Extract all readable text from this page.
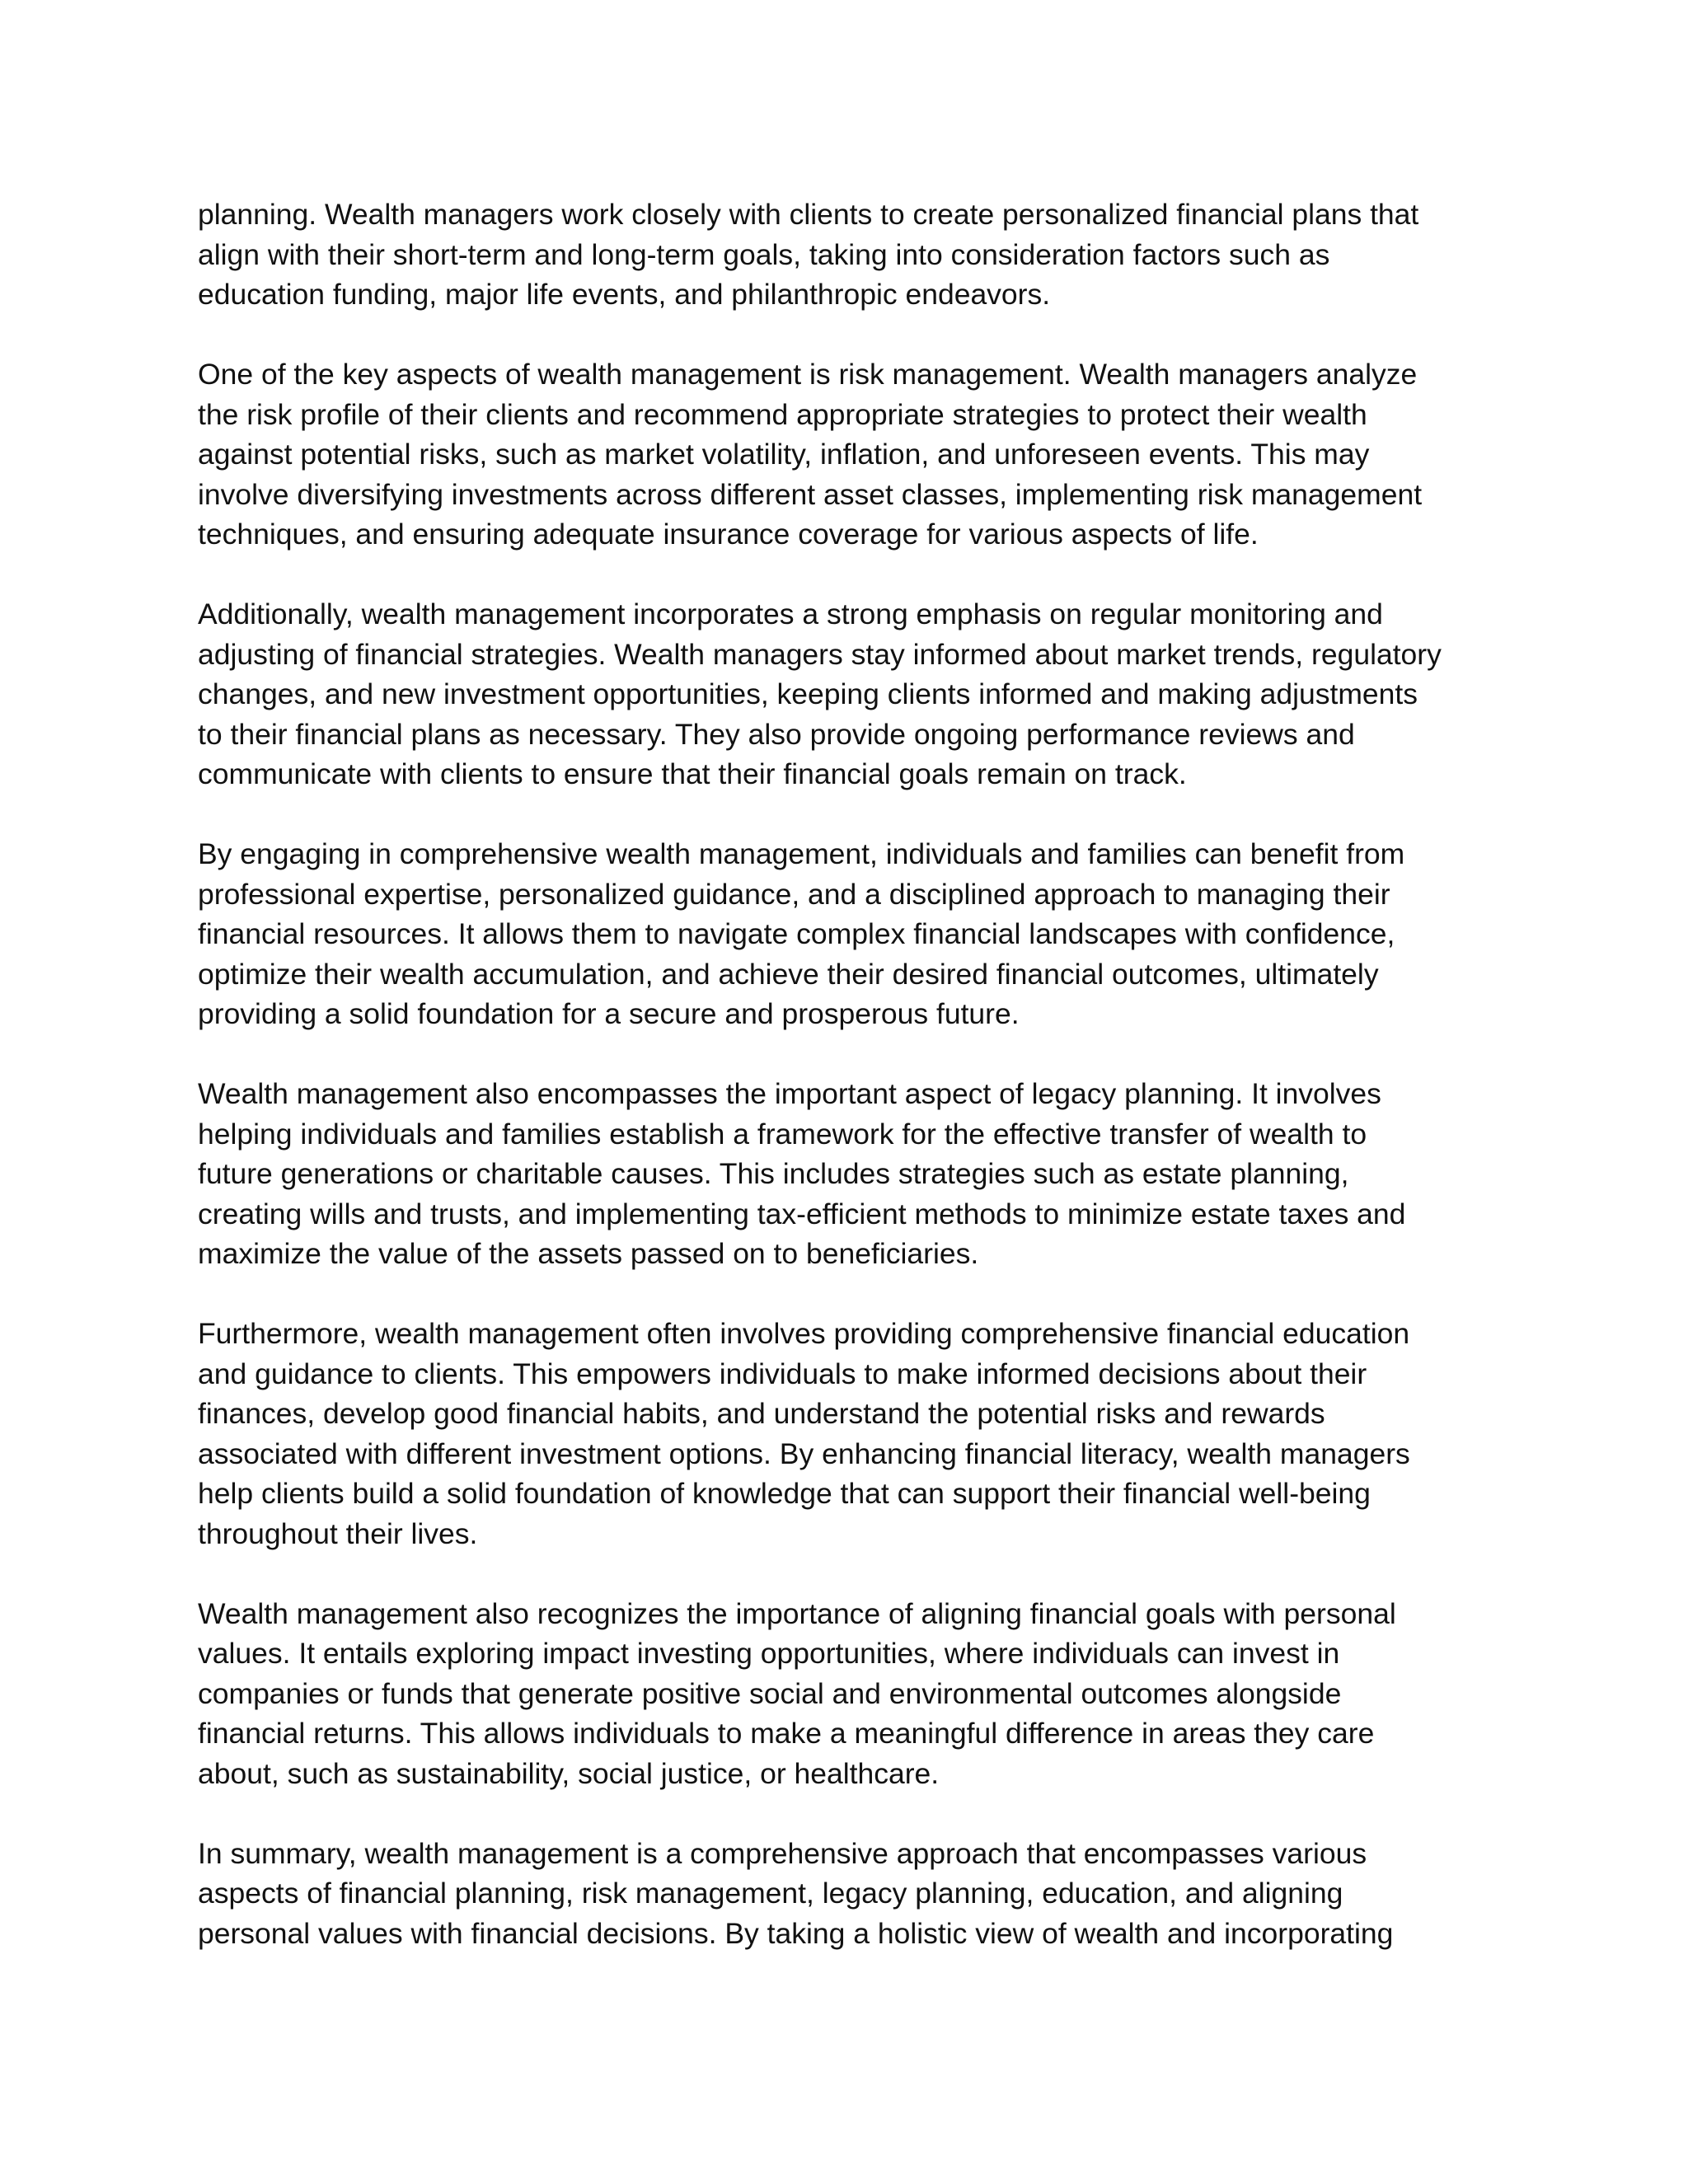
planning. Wealth managers work closely with clients to create personalized financial plans that
align with their short-term and long-term goals, taking into consideration factors such as
education funding, major life events, and philanthropic endeavors.

One of the key aspects of wealth management is risk management. Wealth managers analyze
the risk profile of their clients and recommend appropriate strategies to protect their wealth
against potential risks, such as market volatility, inflation, and unforeseen events. This may
involve diversifying investments across different asset classes, implementing risk management
techniques, and ensuring adequate insurance coverage for various aspects of life.

Additionally, wealth management incorporates a strong emphasis on regular monitoring and
adjusting of financial strategies. Wealth managers stay informed about market trends, regulatory
changes, and new investment opportunities, keeping clients informed and making adjustments
to their financial plans as necessary. They also provide ongoing performance reviews and
communicate with clients to ensure that their financial goals remain on track.

By engaging in comprehensive wealth management, individuals and families can benefit from
professional expertise, personalized guidance, and a disciplined approach to managing their
financial resources. It allows them to navigate complex financial landscapes with confidence,
optimize their wealth accumulation, and achieve their desired financial outcomes, ultimately
providing a solid foundation for a secure and prosperous future.

Wealth management also encompasses the important aspect of legacy planning. It involves
helping individuals and families establish a framework for the effective transfer of wealth to
future generations or charitable causes. This includes strategies such as estate planning,
creating wills and trusts, and implementing tax-efficient methods to minimize estate taxes and
maximize the value of the assets passed on to beneficiaries.

Furthermore, wealth management often involves providing comprehensive financial education
and guidance to clients. This empowers individuals to make informed decisions about their
finances, develop good financial habits, and understand the potential risks and rewards
associated with different investment options. By enhancing financial literacy, wealth managers
help clients build a solid foundation of knowledge that can support their financial well-being
throughout their lives.

Wealth management also recognizes the importance of aligning financial goals with personal
values. It entails exploring impact investing opportunities, where individuals can invest in
companies or funds that generate positive social and environmental outcomes alongside
financial returns. This allows individuals to make a meaningful difference in areas they care
about, such as sustainability, social justice, or healthcare.

In summary, wealth management is a comprehensive approach that encompasses various
aspects of financial planning, risk management, legacy planning, education, and aligning
personal values with financial decisions. By taking a holistic view of wealth and incorporating
